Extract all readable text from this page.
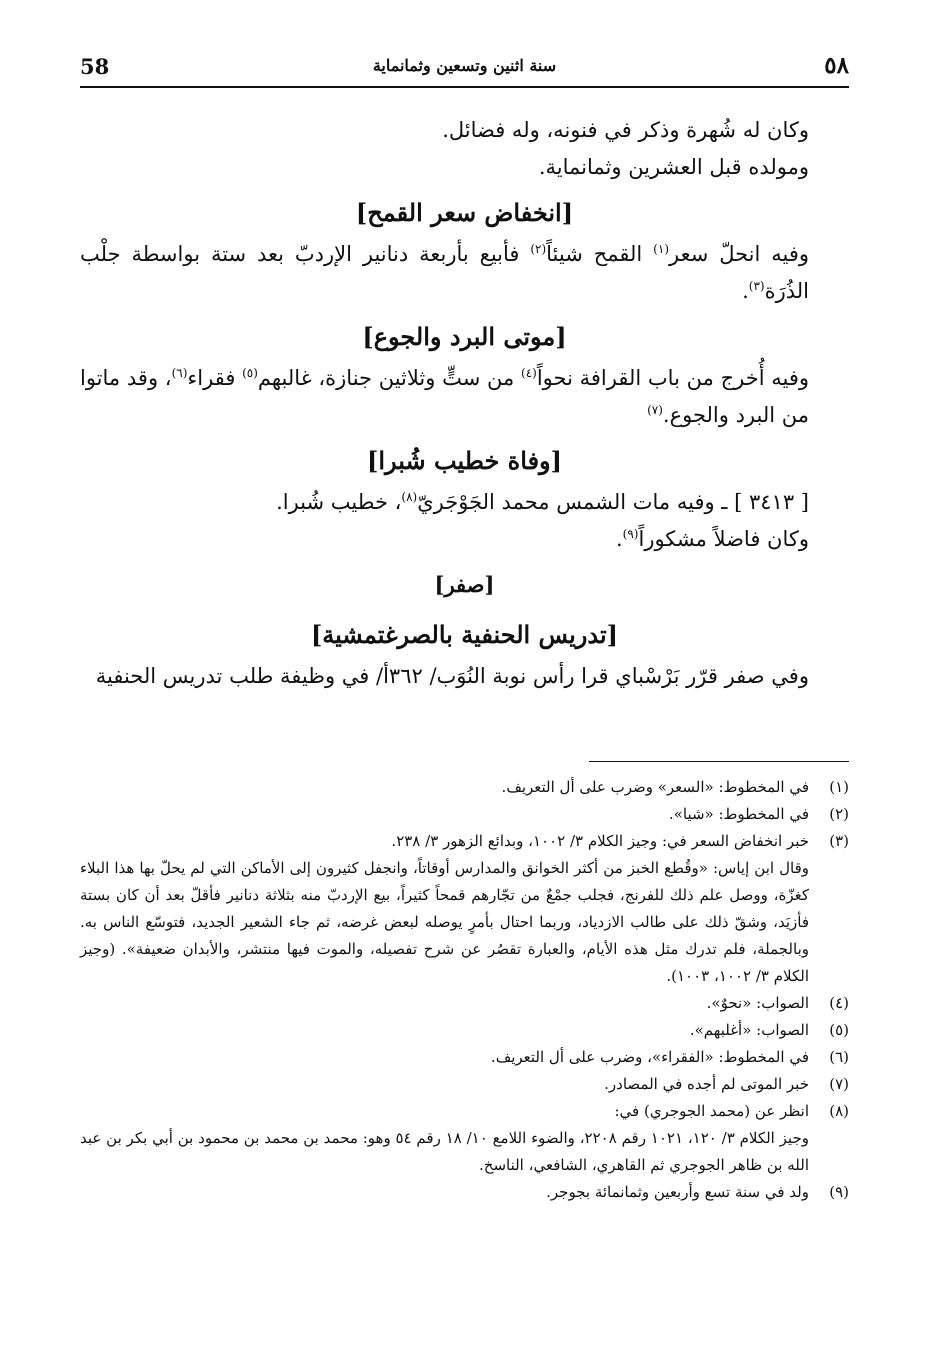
58	سنة اثنين وتسعين وثمانماية	٥٨

وكان له شُهرة وذكر في فنونه، وله فضائل.

ومولده قبل العشرين وثمانماية.

[انخفاض سعر القمح]

وفيه انحلّ سعر$^{(١)}$ القمح شيئاً$^{(٢)}$ فأبيع بأربعة دنانير الإردبّ بعد ستة بواسطة جلْب الذُرَة$^{(٣)}$.

[موتى البرد والجوع]

وفيه أُخرج من باب القرافة نحواً$^{(٤)}$ من ستٍّ وثلاثين جنازة، غالبهم$^{(٥)}$ فقراء$^{(٦)}$، وقد ماتوا من البرد والجوع.$^{(٧)}$

[وفاة خطيب شُبرا]

[ ٣٤١٣ ] ـ وفيه مات الشمس محمد الجَوْجَريّ$^{(٨)}$، خطيب شُبرا.

وكان فاضلاً مشكوراً$^{(٩)}$.

[صفر]
[تدريس الحنفية بالصرغتمشية]

وفي صفر قرّر بَرْسْباي قرا رأس نوبة النُوَب/ ٣٦٢أ/ في وظيفة طلب تدريس الحنفية

(١)
في المخطوط: «السعر» وضرب على أل التعريف.
(٢)
في المخطوط: «شيا».
(٣)
خبر انخفاض السعر في: وجيز الكلام ٣/ ١٠٠٢، وبدائع الزهور ٣/ ٢٣٨.
وقال ابن إياس: «وقُطع الخبز من أكثر الخوانق والمدارس أوقاتاً، وانجفل كثيرون إلى الأماكن التي لم يحلّ بها هذا البلاء كغزّة، ووصل علم ذلك للفرنج، فجلب جمْعٌ من تجّارهم قمحاً كثيراً، بيع الإردبّ منه بثلاثة دنانير فأقلّ بعد أن كان بستة فأزيَد، وشقّ ذلك على طالب الازدياد، وربما احتال بأمرٍ يوصله لبعض غرضه، ثم جاء الشعير الجديد، فتوسّع الناس به. وبالجملة، فلم تدرك مثل هذه الأيام، والعبارة تقصُر عن شرح تفصيله، والموت فيها منتشر، والأبدان ضعيفة». (وجيز الكلام ٣/ ١٠٠٢، ١٠٠٣).
(٤)
الصواب: «نحوٌ».
(٥)
الصواب: «أغلبهم».
(٦)
في المخطوط: «الفقراء»، وضرب على أل التعريف.
(٧)
خبر الموتى لم أجده في المصادر.
(٨)
انظر عن (محمد الجوجري) في:
وجيز الكلام ٣/ ١٢٠، ١٠٢١ رقم ٢٢٠٨، والضوء اللامع ١٠/ ١٨ رقم ٥٤ وهو: محمد بن محمد بن محمود بن أبي بكر بن عبد الله بن ظاهر الجوجري ثم القاهري، الشافعي، الناسخ.
(٩)
ولد في سنة تسع وأربعين وثمانمائة بجوجر.
